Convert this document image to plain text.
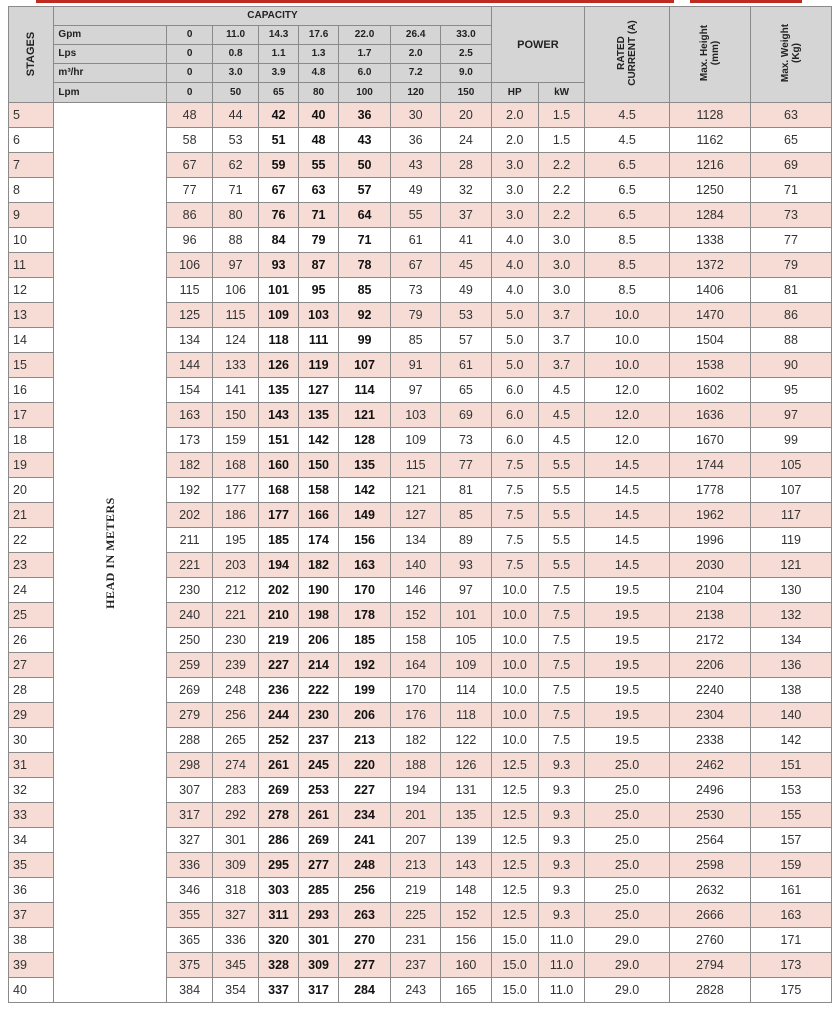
STAGES	CAPACITY								POWER		RATED CURRENT (A)	Max. Height (mm)	Max. Weight (Kg)
	Gpm	0	11.0	14.3	17.6	22.0	26.4	33.0					
	Lps	0	0.8	1.1	1.3	1.7	2.0	2.5					
	m³/hr	0	3.0	3.9	4.8	6.0	7.2	9.0					
	Lpm	0	50	65	80	100	120	150	HP	kW			
5	HEAD IN METERS	48	44	42	40	36	30	20	2.0	1.5	4.5	1128	63
6		58	53	51	48	43	36	24	2.0	1.5	4.5	1162	65
7		67	62	59	55	50	43	28	3.0	2.2	6.5	1216	69
8		77	71	67	63	57	49	32	3.0	2.2	6.5	1250	71
9		86	80	76	71	64	55	37	3.0	2.2	6.5	1284	73
10		96	88	84	79	71	61	41	4.0	3.0	8.5	1338	77
11		106	97	93	87	78	67	45	4.0	3.0	8.5	1372	79
12		115	106	101	95	85	73	49	4.0	3.0	8.5	1406	81
13		125	115	109	103	92	79	53	5.0	3.7	10.0	1470	86
14		134	124	118	111	99	85	57	5.0	3.7	10.0	1504	88
15		144	133	126	119	107	91	61	5.0	3.7	10.0	1538	90
16		154	141	135	127	114	97	65	6.0	4.5	12.0	1602	95
17		163	150	143	135	121	103	69	6.0	4.5	12.0	1636	97
18		173	159	151	142	128	109	73	6.0	4.5	12.0	1670	99
19		182	168	160	150	135	115	77	7.5	5.5	14.5	1744	105
20		192	177	168	158	142	121	81	7.5	5.5	14.5	1778	107
21		202	186	177	166	149	127	85	7.5	5.5	14.5	1962	117
22		211	195	185	174	156	134	89	7.5	5.5	14.5	1996	119
23		221	203	194	182	163	140	93	7.5	5.5	14.5	2030	121
24		230	212	202	190	170	146	97	10.0	7.5	19.5	2104	130
25		240	221	210	198	178	152	101	10.0	7.5	19.5	2138	132
26		250	230	219	206	185	158	105	10.0	7.5	19.5	2172	134
27		259	239	227	214	192	164	109	10.0	7.5	19.5	2206	136
28		269	248	236	222	199	170	114	10.0	7.5	19.5	2240	138
29		279	256	244	230	206	176	118	10.0	7.5	19.5	2304	140
30		288	265	252	237	213	182	122	10.0	7.5	19.5	2338	142
31		298	274	261	245	220	188	126	12.5	9.3	25.0	2462	151
32		307	283	269	253	227	194	131	12.5	9.3	25.0	2496	153
33		317	292	278	261	234	201	135	12.5	9.3	25.0	2530	155
34		327	301	286	269	241	207	139	12.5	9.3	25.0	2564	157
35		336	309	295	277	248	213	143	12.5	9.3	25.0	2598	159
36		346	318	303	285	256	219	148	12.5	9.3	25.0	2632	161
37		355	327	311	293	263	225	152	12.5	9.3	25.0	2666	163
38		365	336	320	301	270	231	156	15.0	11.0	29.0	2760	171
39		375	345	328	309	277	237	160	15.0	11.0	29.0	2794	173
40		384	354	337	317	284	243	165	15.0	11.0	29.0	2828	175
